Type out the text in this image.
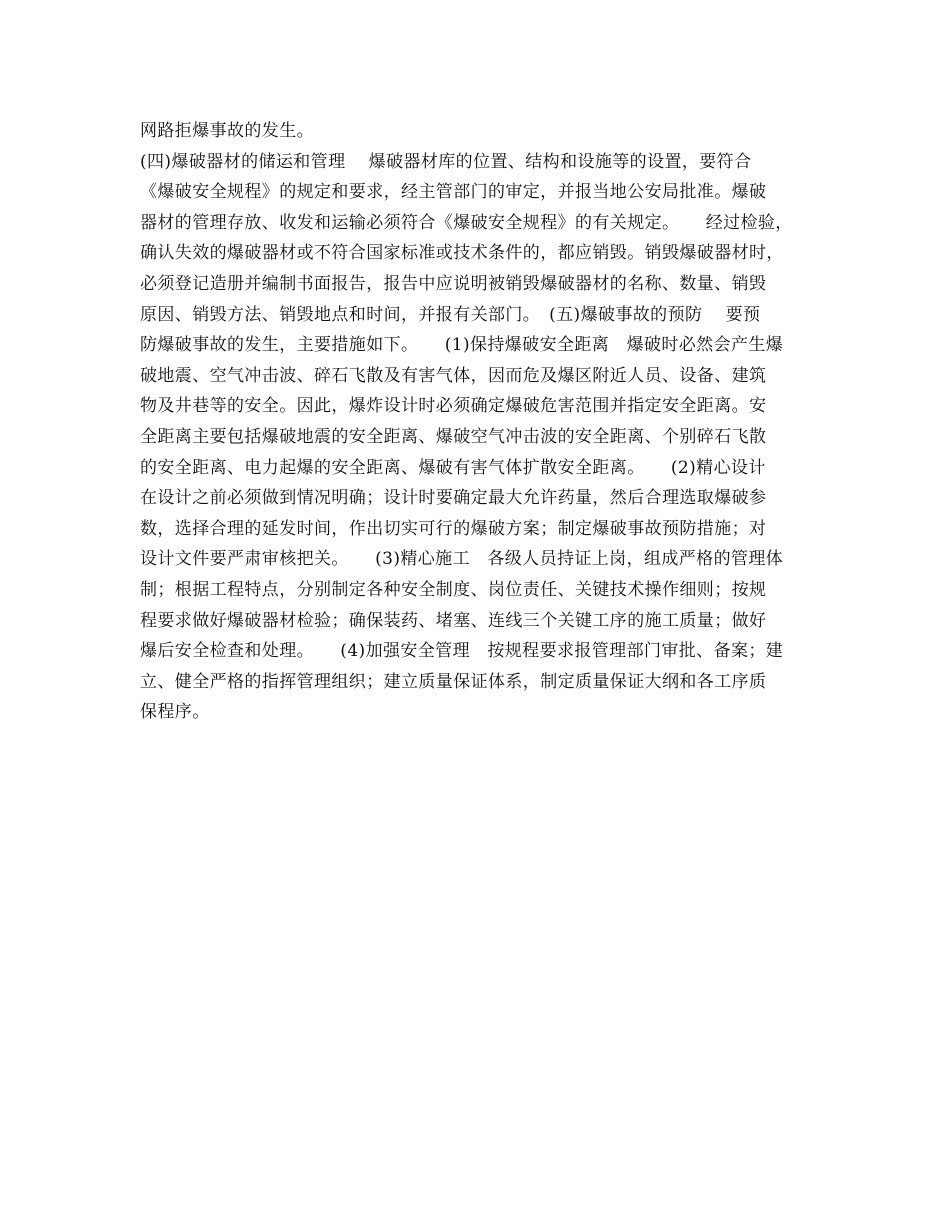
网路拒爆事故的发生。
(四)爆破器材的储运和管理　 爆破器材库的位置、结构和设施等的设置，要符合
《爆破安全规程》的规定和要求，经主管部门的审定，并报当地公安局批准。爆破
器材的管理存放、收发和运输必须符合《爆破安全规程》的有关规定。　　经过检验，
确认失效的爆破器材或不符合国家标准或技术条件的，都应销毁。销毁爆破器材时，
必须登记造册并编制书面报告，报告中应说明被销毁爆破器材的名称、数量、销毁
原因、销毁方法、销毁地点和时间，并报有关部门。　(五)爆破事故的预防　 要预
防爆破事故的发生，主要措施如下。　　(1)保持爆破安全距离　爆破时必然会产生爆
破地震、空气冲击波、碎石飞散及有害气体，因而危及爆区附近人员、设备、建筑
物及井巷等的安全。因此，爆炸设计时必须确定爆破危害范围并指定安全距离。安
全距离主要包括爆破地震的安全距离、爆破空气冲击波的安全距离、个别碎石飞散
的安全距离、电力起爆的安全距离、爆破有害气体扩散安全距离。　　(2)精心设计
在设计之前必须做到情况明确；设计时要确定最大允许药量，然后合理选取爆破参
数，选择合理的延发时间，作出切实可行的爆破方案；制定爆破事故预防措施；对
设计文件要严肃审核把关。　　(3)精心施工　各级人员持证上岗，组成严格的管理体
制；根据工程特点，分别制定各种安全制度、岗位责任、关键技术操作细则；按规
程要求做好爆破器材检验；确保装药、堵塞、连线三个关键工序的施工质量；做好
爆后安全检查和处理。　　(4)加强安全管理　按规程要求报管理部门审批、备案；建
立、健全严格的指挥管理组织；建立质量保证体系，制定质量保证大纲和各工序质
保程序。
